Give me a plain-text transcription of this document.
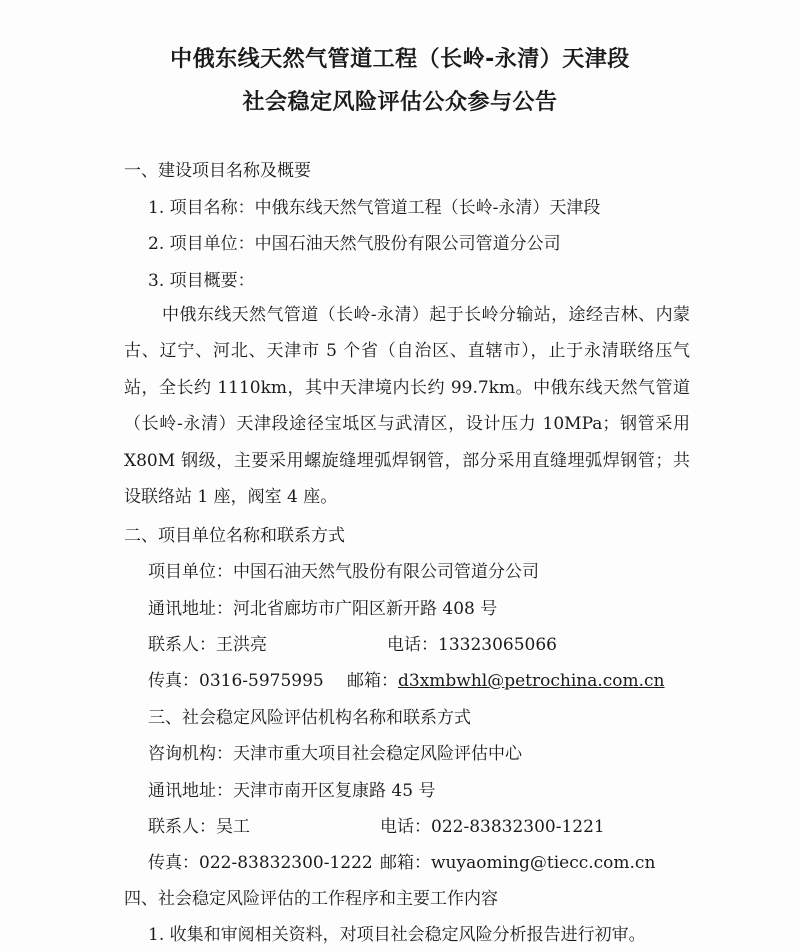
中俄东线天然气管道工程（长岭-永清）天津段
社会稳定风险评估公众参与公告
一、建设项目名称及概要
1. 项目名称：中俄东线天然气管道工程（长岭-永清）天津段
2. 项目单位：中国石油天然气股份有限公司管道分公司
3. 项目概要：
中俄东线天然气管道（长岭-永清）起于长岭分输站，途经吉林、内蒙古、辽宁、河北、天津市 5 个省（自治区、直辖市），止于永清联络压气站，全长约 1110km，其中天津境内长约 99.7km。中俄东线天然气管道（长岭-永清）天津段途径宝坻区与武清区，设计压力 10MPa；钢管采用 X80M 钢级，主要采用螺旋缝埋弧焊钢管，部分采用直缝埋弧焊钢管；共设联络站 1 座，阀室 4 座。
二、项目单位名称和联系方式
项目单位：中国石油天然气股份有限公司管道分公司
通讯地址：河北省廊坊市广阳区新开路 408 号
联系人：王洪亮	电话：13323065066
传真：0316-5975995 邮箱：d3xmbwhl@petrochina.com.cn
三、社会稳定风险评估机构名称和联系方式
咨询机构：天津市重大项目社会稳定风险评估中心
通讯地址：天津市南开区复康路 45 号
联系人：吴工	电话：022-83832300-1221
传真：022-83832300-1222 邮箱：wuyaoming@tiecc.com.cn
四、社会稳定风险评估的工作程序和主要工作内容
1. 收集和审阅相关资料，对项目社会稳定风险分析报告进行初审。
